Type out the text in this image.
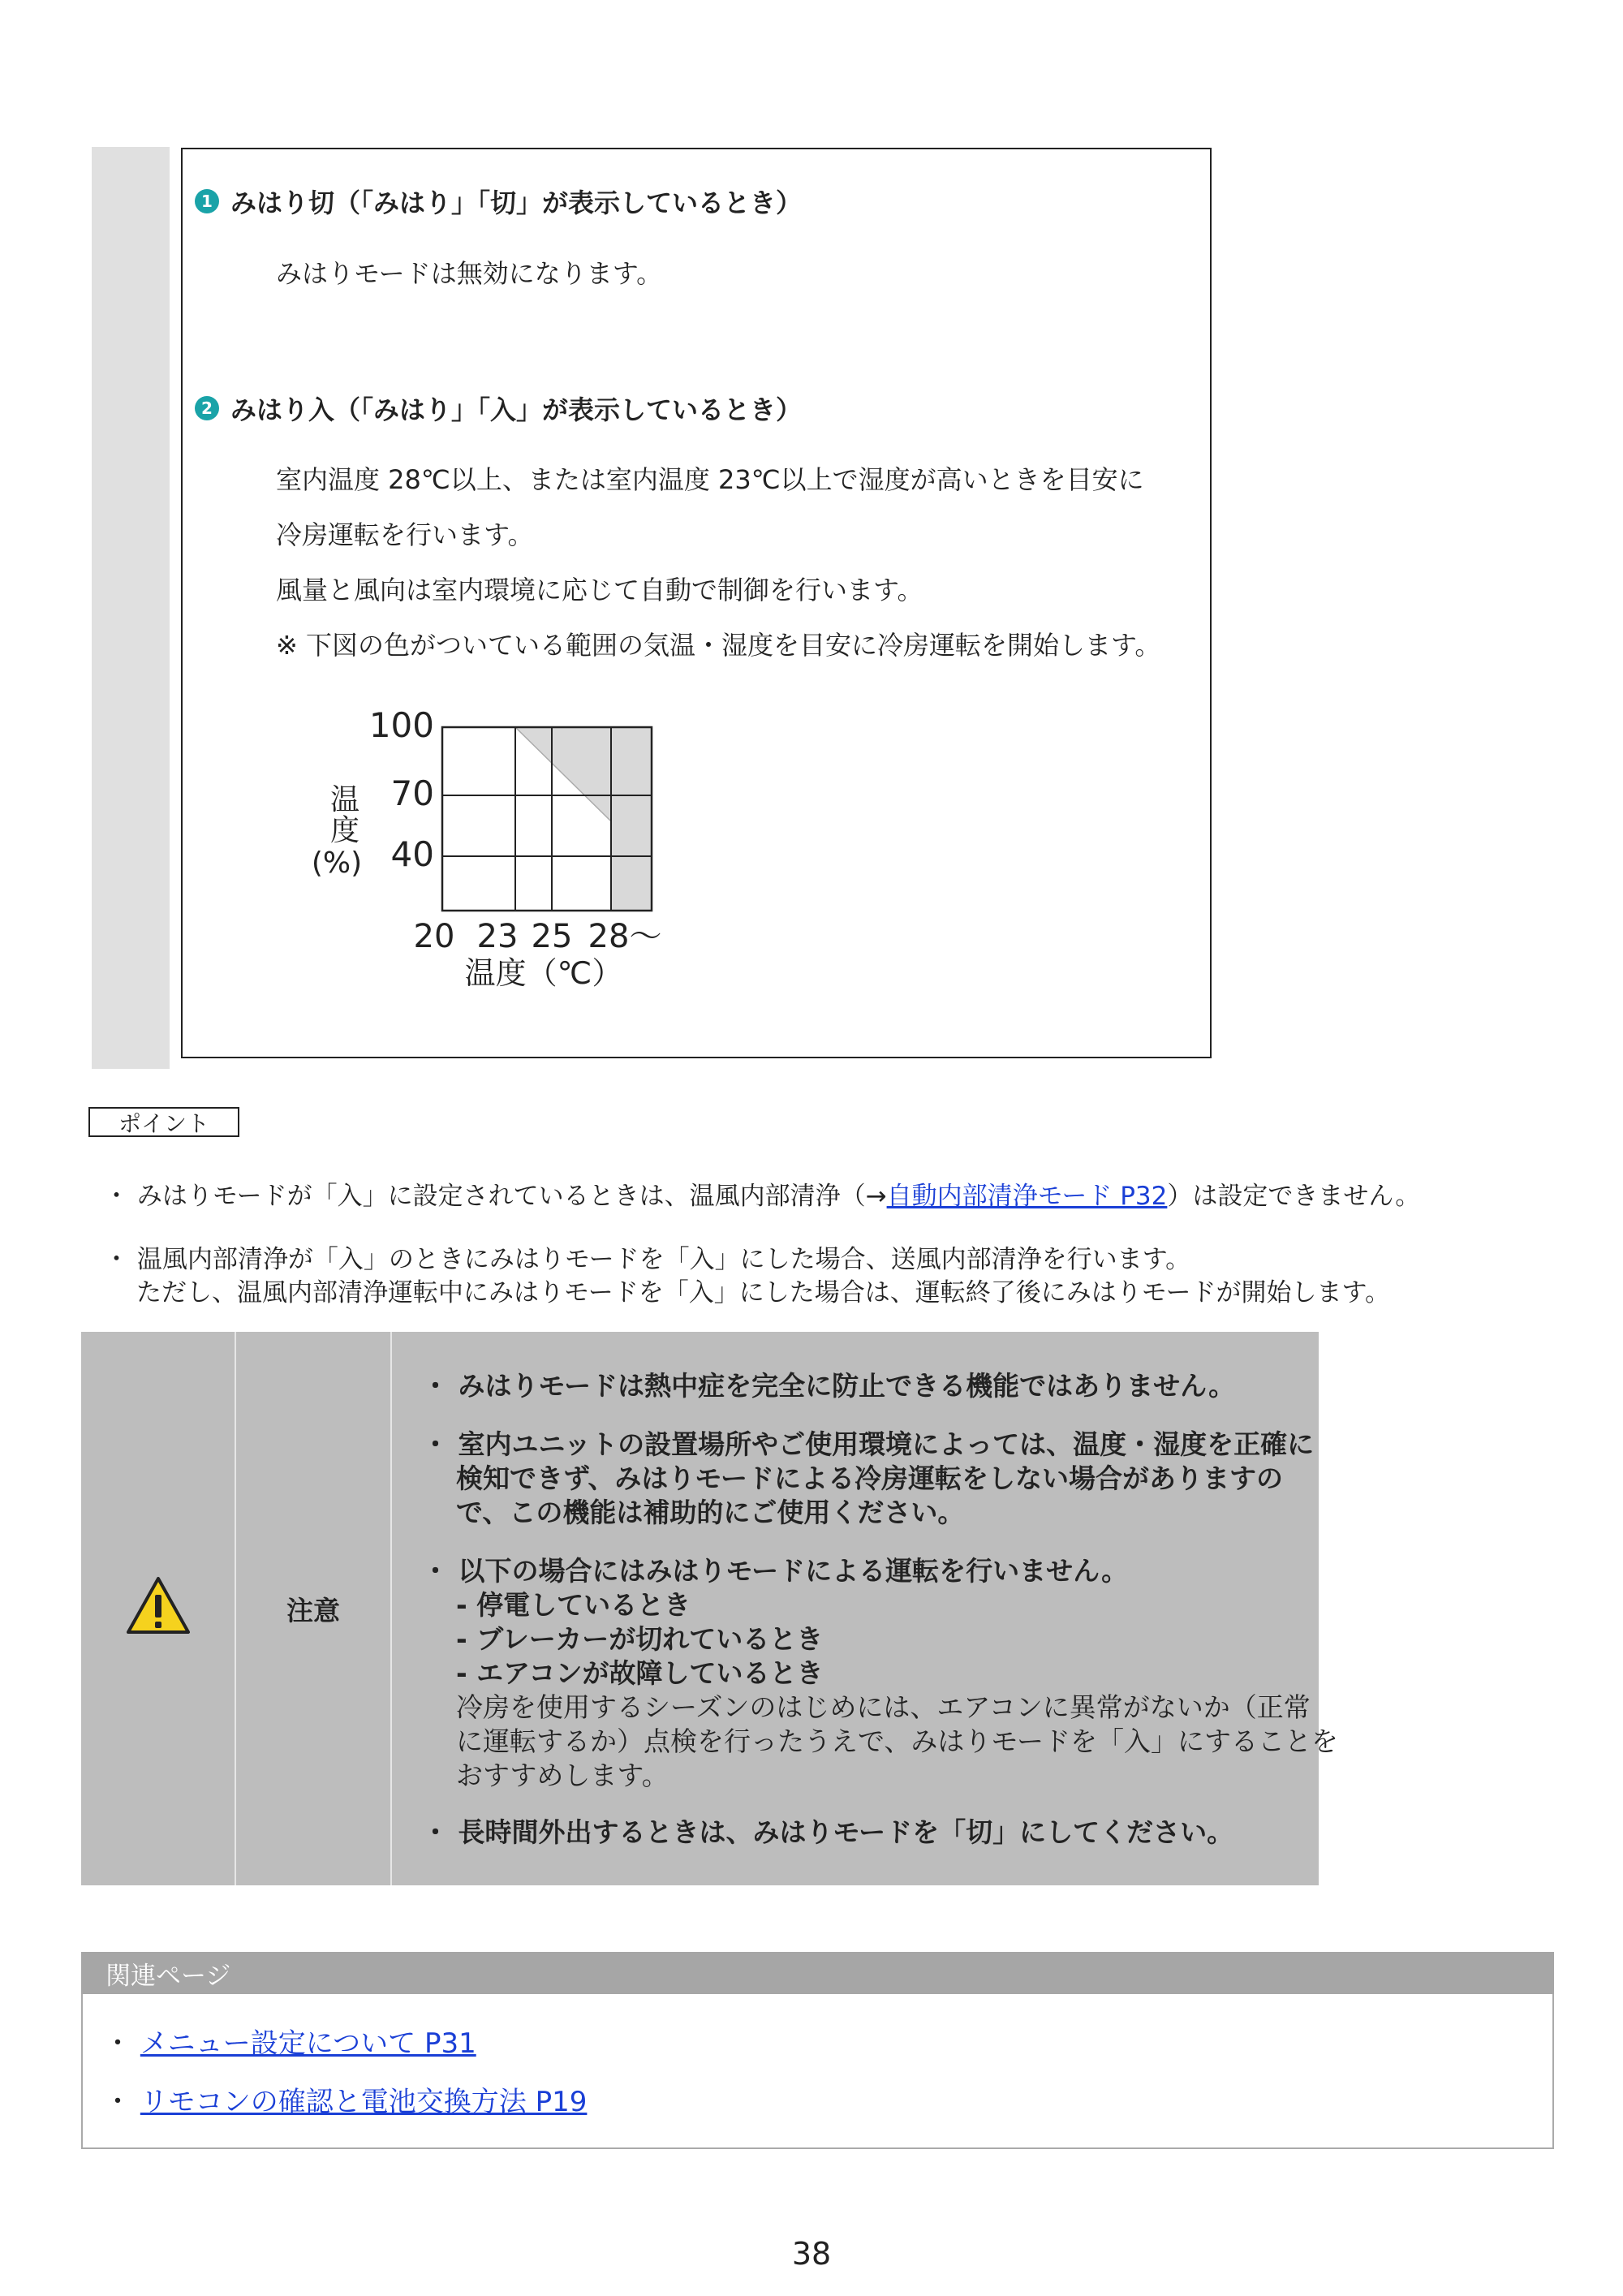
1 みはり切（「みはり」「切」が表示しているとき）
みはりモードは無効になります。
2 みはり入（「みはり」「入」が表示しているとき）
室内温度 28℃以上、または室内温度 23℃以上で湿度が高いときを目安に
冷房運転を行います。
風量と風向は室内環境に応じて自動で制御を行います。
※ 下図の色がついている範囲の気温・湿度を目安に冷房運転を開始します。
100
70
40
温
度
(%)
20 23 25 28～
温度（℃）
ポイント
・ みはりモードが「入」に設定されているときは、温風内部清浄（→自動内部清浄モード P32）は設定できません。
・ 温風内部清浄が「入」のときにみはりモードを「入」にした場合、送風内部清浄を行います。
ただし、温風内部清浄運転中にみはりモードを「入」にした場合は、運転終了後にみはりモードが開始します。
注意
・ みはりモードは熱中症を完全に防止できる機能ではありません。
・ 室内ユニットの設置場所やご使用環境によっては、温度・湿度を正確に
検知できず、みはりモードによる冷房運転をしない場合がありますの
で、この機能は補助的にご使用ください。
・ 以下の場合にはみはりモードによる運転を行いません。
- 停電しているとき
- ブレーカーが切れているとき
- エアコンが故障しているとき
冷房を使用するシーズンのはじめには、エアコンに異常がないか（正常
に運転するか）点検を行ったうえで、みはりモードを「入」にすることを
おすすめします。
・ 長時間外出するときは、みはりモードを「切」にしてください。
関連ページ
・ メニュー設定について P31
・ リモコンの確認と電池交換方法 P19
38
